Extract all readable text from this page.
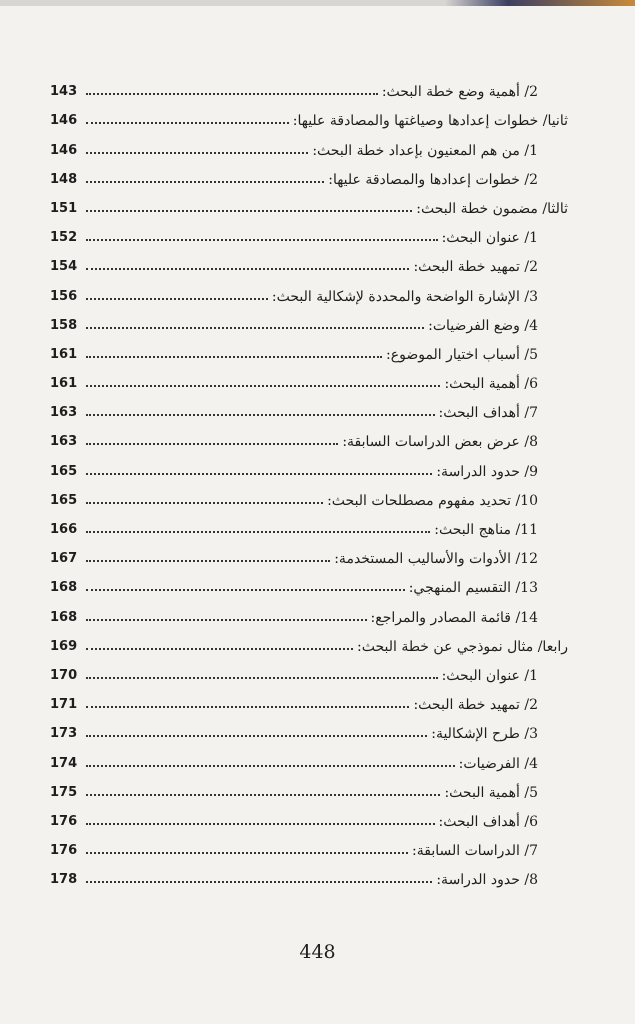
143	2/ أهمية وضع خطة البحث:
146	ثانيا/ خطوات إعدادها وصياغتها والمصادقة عليها:
146	1/ من هم المعنيون بإعداد خطة البحث:
148	2/ خطوات إعدادها والمصادقة عليها:
151	ثالثا/ مضمون خطة البحث:
152	1/ عنوان البحث:
154	2/ تمهيد خطة البحث:
156	3/ الإشارة الواضحة والمحددة لإشكالية البحث:
158	4/ وضع الفرضيات:
161	5/ أسباب اختيار الموضوع:
161	6/ أهمية البحث:
163	7/ أهداف البحث:
163	8/ عرض بعض الدراسات السابقة:
165	9/ حدود الدراسة:
165	10/ تحديد مفهوم مصطلحات البحث:
166	11/ مناهج البحث:
167	12/ الأدوات والأساليب المستخدمة:
168	13/ التقسيم المنهجي:
168	14/ قائمة المصادر والمراجع:
169	رابعا/ مثال نموذجي عن خطة البحث:
170	1/ عنوان البحث:
171	2/ تمهيد خطة البحث:
173	3/ طرح الإشكالية:
174	4/ الفرضيات:
175	5/ أهمية البحث:
176	6/ أهداف البحث:
176	7/ الدراسات السابقة:
178	8/ حدود الدراسة:
448
